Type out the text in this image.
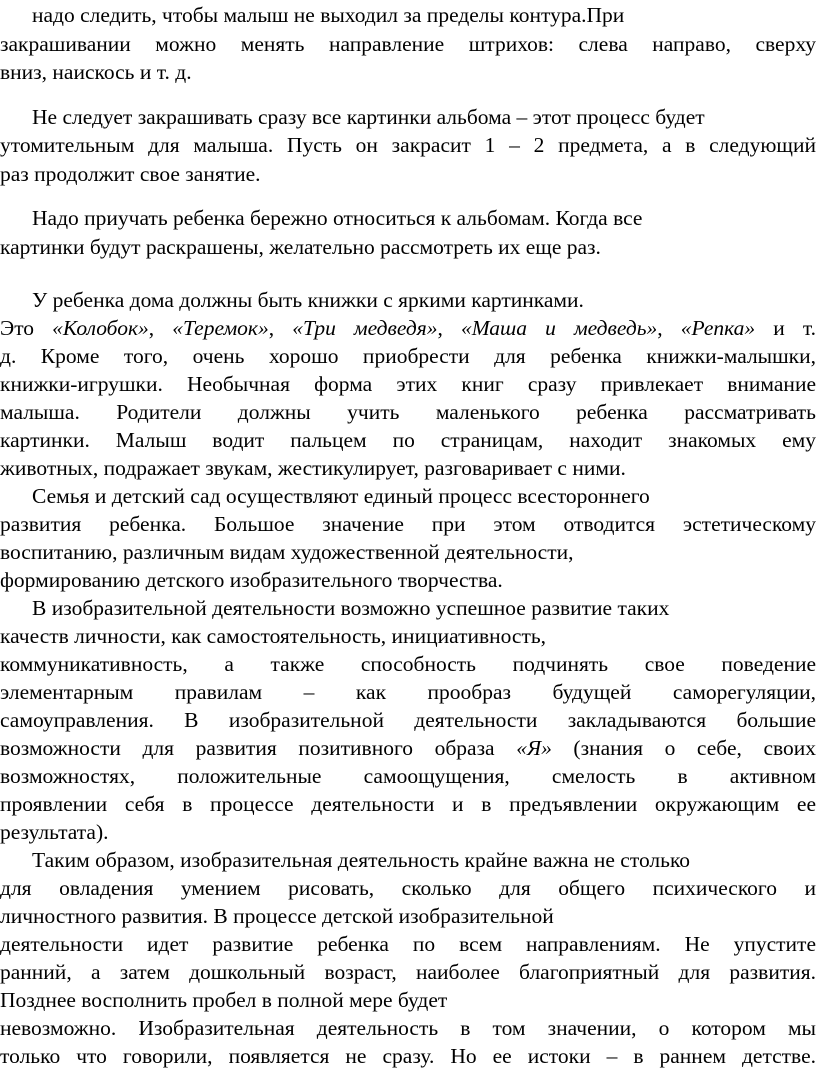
надо следить, чтобы малыш не выходил за пределы контура.При
закрашивании можно менять направление штрихов: слева направо, сверху
вниз, наискось и т. д.
Не следует закрашивать сразу все картинки альбома – этот процесс будет
утомительным для малыша. Пусть он закрасит 1 – 2 предмета, а в следующий
раз продолжит свое занятие.
Надо приучать ребенка бережно относиться к альбомам. Когда все
картинки будут раскрашены, желательно рассмотреть их еще раз.
У ребенка дома должны быть книжки с яркими картинками.
Это «Колобок», «Теремок», «Три медведя», «Маша и медведь», «Репка» и т.
д. Кроме того, очень хорошо приобрести для ребенка книжки-малышки,
книжки-игрушки. Необычная форма этих книг сразу привлекает внимание
малыша. Родители должны учить маленького ребенка рассматривать
картинки. Малыш водит пальцем по страницам, находит знакомых ему
животных, подражает звукам, жестикулирует, разговаривает с ними.
Семья и детский сад осуществляют единый процесс всестороннего
развития ребенка. Большое значение при этом отводится эстетическому
воспитанию, различным видам художественной деятельности,
формированию детского изобразительного творчества.
В изобразительной деятельности возможно успешное развитие таких
качеств личности, как самостоятельность, инициативность,
коммуникативность, а также способность подчинять свое поведение
элементарным правилам – как прообраз будущей саморегуляции,
самоуправления. В изобразительной деятельности закладываются большие
возможности для развития позитивного образа «Я» (знания о себе, своих
возможностях, положительные самоощущения, смелость в активном
проявлении себя в процессе деятельности и в предъявлении окружающим ее
результата).
Таким образом, изобразительная деятельность крайне важна не столько
для овладения умением рисовать, сколько для общего психического и
личностного развития. В процессе детской изобразительной
деятельности идет развитие ребенка по всем направлениям. Не упустите
ранний, а затем дошкольный возраст, наиболее благоприятный для развития.
Позднее восполнить пробел в полной мере будет
невозможно. Изобразительная деятельность в том значении, о котором мы
только что говорили, появляется не сразу. Но ее истоки – в раннем детстве.
